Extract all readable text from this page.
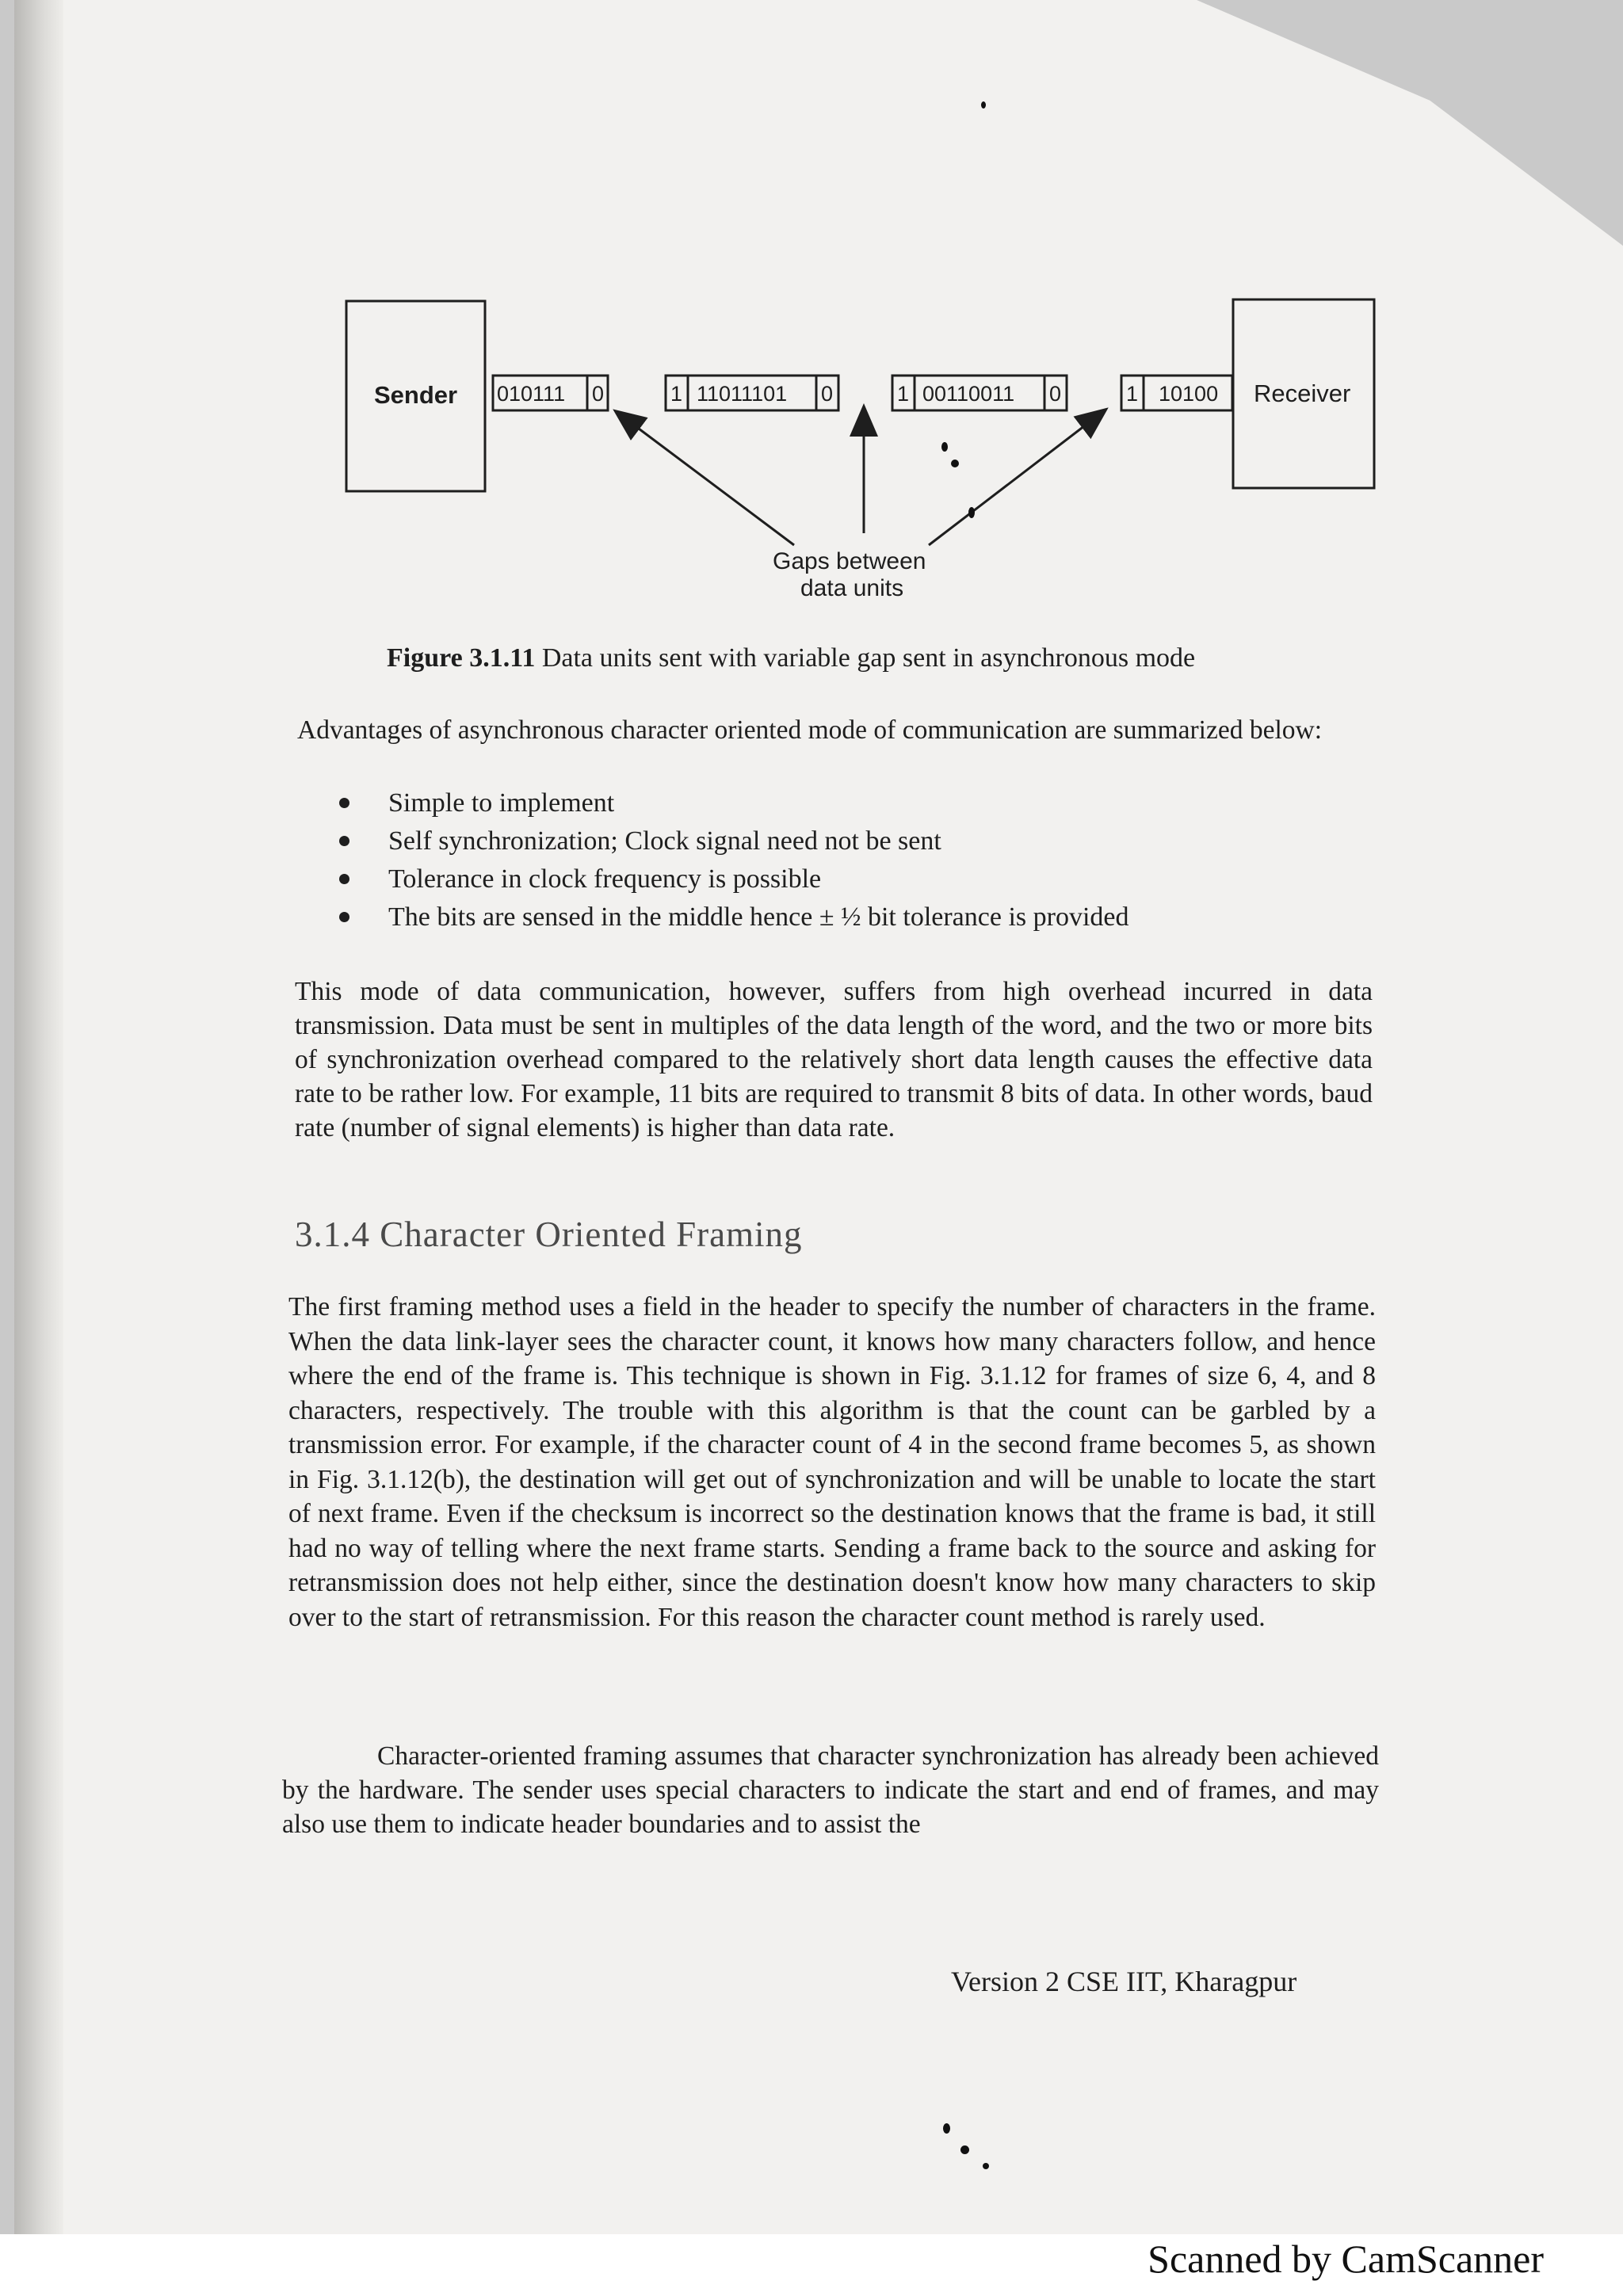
Sender	Receiver
010111 0	1 11011101 0	1 00110011 0	1 10100
Gaps between
data units
Figure 3.1.11 Data units sent with variable gap sent in asynchronous mode

Advantages of asynchronous character oriented mode of communication are summarized below:

Simple to implement
Self synchronization; Clock signal need not be sent
Tolerance in clock frequency is possible
The bits are sensed in the middle hence ± ½ bit tolerance is provided

This mode of data communication, however, suffers from high overhead incurred in data transmission. Data must be sent in multiples of the data length of the word, and the two or more bits of synchronization overhead compared to the relatively short data length causes the effective data rate to be rather low. For example, 11 bits are required to transmit 8 bits of data. In other words, baud rate (number of signal elements) is higher than data rate.

3.1.4 Character Oriented Framing

The first framing method uses a field in the header to specify the number of characters in the frame. When the data link-layer sees the character count, it knows how many characters follow, and hence where the end of the frame is. This technique is shown in Fig. 3.1.12 for frames of size 6, 4, and 8 characters, respectively. The trouble with this algorithm is that the count can be garbled by a transmission error. For example, if the character count of 4 in the second frame becomes 5, as shown in Fig. 3.1.12(b), the destination will get out of synchronization and will be unable to locate the start of next frame. Even if the checksum is incorrect so the destination knows that the frame is bad, it still had no way of telling where the next frame starts. Sending a frame back to the source and asking for retransmission does not help either, since the destination doesn't know how many characters to skip over to the start of retransmission. For this reason the character count method is rarely used.

Character-oriented framing assumes that character synchronization has already been achieved by the hardware. The sender uses special characters to indicate the start and end of frames, and may also use them to indicate header boundaries and to assist the

Version 2 CSE IIT, Kharagpur
Scanned by CamScanner
